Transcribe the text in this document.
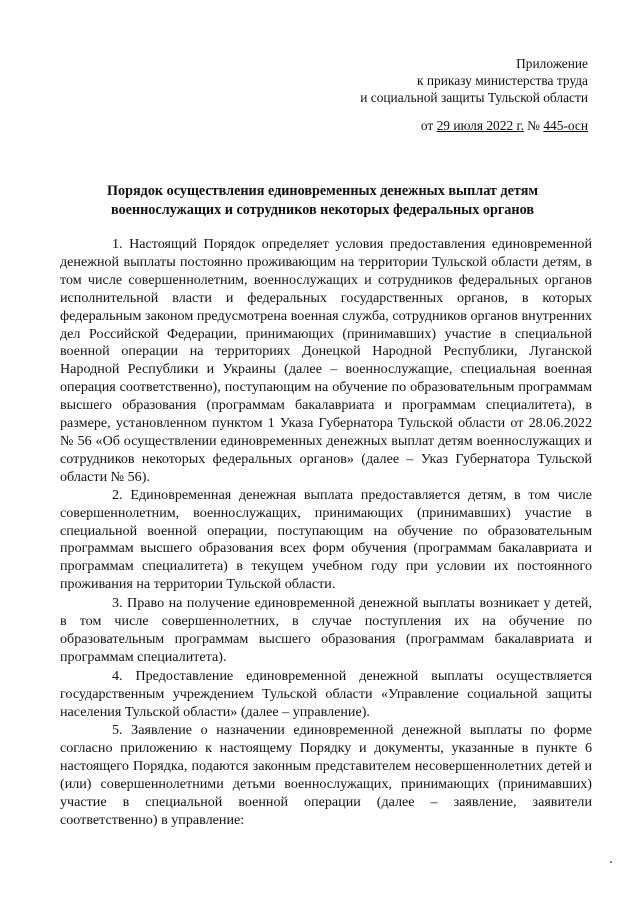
Приложение
к приказу министерства труда
и социальной защиты Тульской области
от 29 июля 2022 г. № 445-осн
Порядок осуществления единовременных денежных выплат детям
военнослужащих и сотрудников некоторых федеральных органов

1. Настоящий Порядок определяет условия предоставления единовременной денежной выплаты постоянно проживающим на территории Тульской области детям, в том числе совершеннолетним, военнослужащих и сотрудников федеральных органов исполнительной власти и федеральных государственных органов, в которых федеральным законом предусмотрена военная служба, сотрудников органов внутренних дел Российской Федерации, принимающих (принимавших) участие в специальной военной операции на территориях Донецкой Народной Республики, Луганской Народной Республики и Украины (далее – военнослужащие, специальная военная операция соответственно), поступающим на обучение по образовательным программам высшего образования (программам бакалавриата и программам специалитета), в размере, установленном пунктом 1 Указа Губернатора Тульской области от 28.06.2022 № 56 «Об осуществлении единовременных денежных выплат детям военнослужащих и сотрудников некоторых федеральных органов» (далее – Указ Губернатора Тульской области № 56).

2. Единовременная денежная выплата предоставляется детям, в том числе совершеннолетним, военнослужащих, принимающих (принимавших) участие в специальной военной операции, поступающим на обучение по образовательным программам высшего образования всех форм обучения (программам бакалавриата и программам специалитета) в текущем учебном году при условии их постоянного проживания на территории Тульской области.

3. Право на получение единовременной денежной выплаты возникает у детей, в том числе совершеннолетних, в случае поступления их на обучение по образовательным программам высшего образования (программам бакалавриата и программам специалитета).

4. Предоставление единовременной денежной выплаты осуществляется государственным учреждением Тульской области «Управление социальной защиты населения Тульской области» (далее – управление).

5. Заявление о назначении единовременной денежной выплаты по форме согласно приложению к настоящему Порядку и документы, указанные в пункте 6 настоящего Порядка, подаются законным представителем несовершеннолетних детей и (или) совершеннолетними детьми военнослужащих, принимающих (принимавших) участие в специальной военной операции (далее – заявление, заявители соответственно) в управление:
